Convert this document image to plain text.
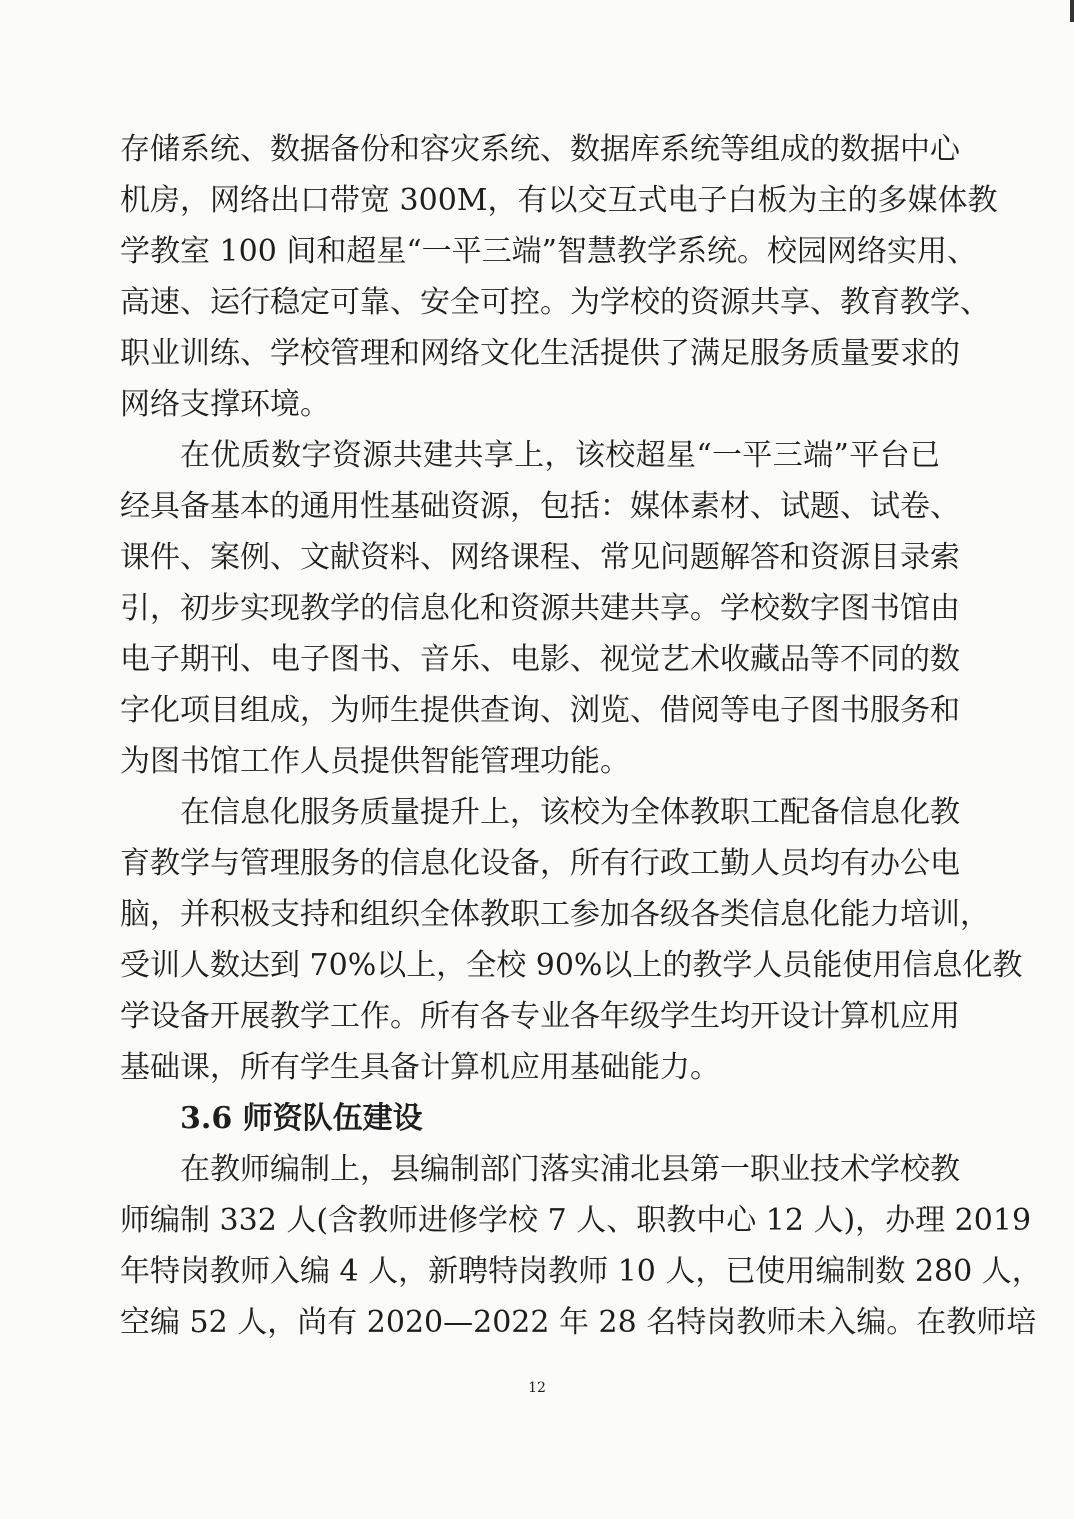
存储系统、数据备份和容灾系统、数据库系统等组成的数据中心
机房，网络出口带宽 300M，有以交互式电子白板为主的多媒体教
学教室 100 间和超星“一平三端”智慧教学系统。校园网络实用、
高速、运行稳定可靠、安全可控。为学校的资源共享、教育教学、
职业训练、学校管理和网络文化生活提供了满足服务质量要求的
网络支撑环境。
在优质数字资源共建共享上，该校超星“一平三端”平台已
经具备基本的通用性基础资源，包括：媒体素材、试题、试卷、
课件、案例、文献资料、网络课程、常见问题解答和资源目录索
引，初步实现教学的信息化和资源共建共享。学校数字图书馆由
电子期刊、电子图书、音乐、电影、视觉艺术收藏品等不同的数
字化项目组成，为师生提供查询、浏览、借阅等电子图书服务和
为图书馆工作人员提供智能管理功能。
在信息化服务质量提升上，该校为全体教职工配备信息化教
育教学与管理服务的信息化设备，所有行政工勤人员均有办公电
脑，并积极支持和组织全体教职工参加各级各类信息化能力培训，
受训人数达到 70%以上，全校 90%以上的教学人员能使用信息化教
学设备开展教学工作。所有各专业各年级学生均开设计算机应用
基础课，所有学生具备计算机应用基础能力。
3.6 师资队伍建设
在教师编制上，县编制部门落实浦北县第一职业技术学校教
师编制 332 人(含教师进修学校 7 人、职教中心 12 人)，办理 2019
年特岗教师入编 4 人，新聘特岗教师 10 人，已使用编制数 280 人，
空编 52 人，尚有 2020—2022 年 28 名特岗教师未入编。在教师培
12
